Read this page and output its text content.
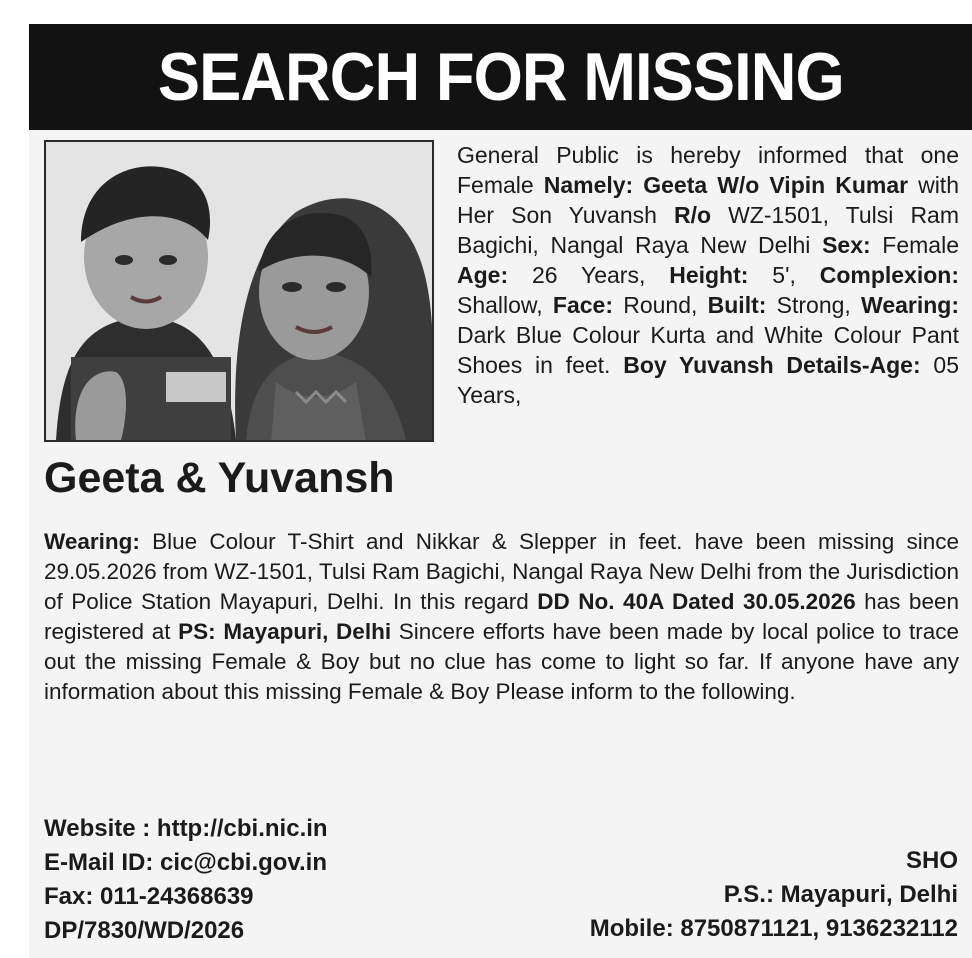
SEARCH FOR MISSING
Geeta & Yuvansh

General Public is hereby informed that one Female Namely: Geeta W/o Vipin Kumar with Her Son Yuvansh R/o WZ-1501, Tulsi Ram Bagichi, Nangal Raya New Delhi Sex: Female Age: 26 Years, Height: 5', Complexion: Shallow, Face: Round, Built: Strong, Wearing: Dark Blue Colour Kurta and White Colour Pant Shoes in feet. Boy Yuvansh Details-Age: 05 Years,

Wearing: Blue Colour T-Shirt and Nikkar & Slepper in feet. have been missing since 29.05.2026 from WZ-1501, Tulsi Ram Bagichi, Nangal Raya New Delhi from the Jurisdiction of Police Station Mayapuri, Delhi. In this regard DD No. 40A Dated 30.05.2026 has been registered at PS: Mayapuri, Delhi Sincere efforts have been made by local police to trace out the missing Female & Boy but no clue has come to light so far. If anyone have any information about this missing Female & Boy Please inform to the following.

Website : http://cbi.nic.in
E-Mail ID: cic@cbi.gov.in
Fax: 011-24368639
DP/7830/WD/2026
SHO
P.S.: Mayapuri, Delhi
Mobile: 8750871121, 9136232112
